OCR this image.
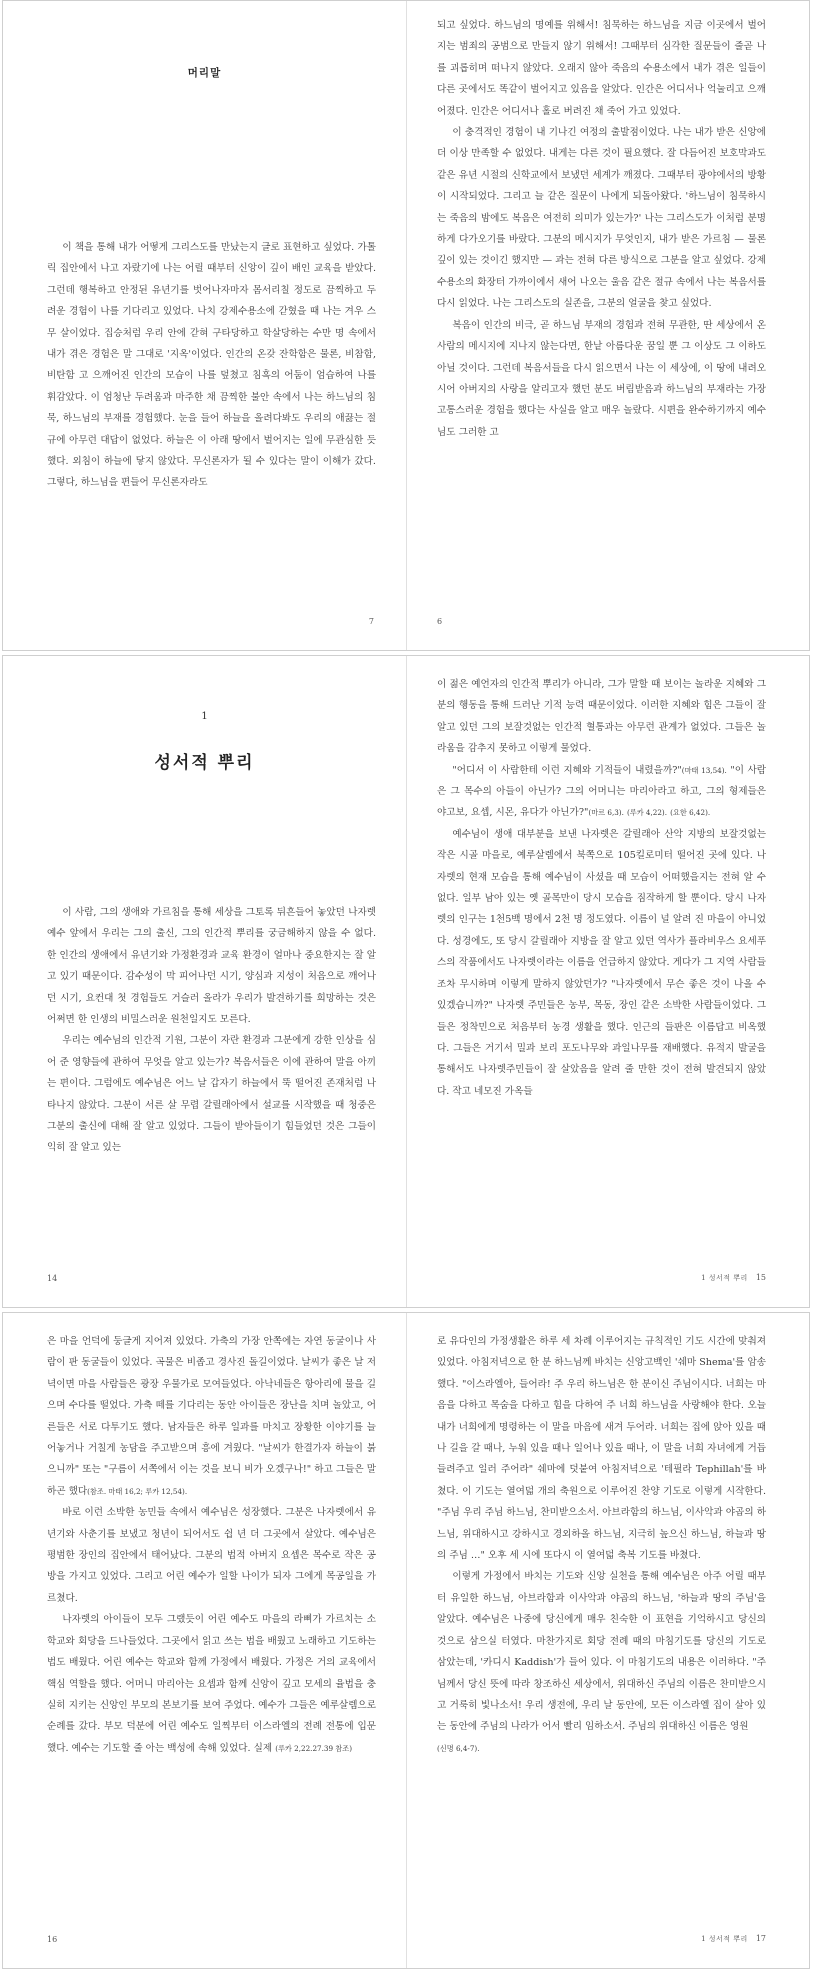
머리말

이 책을 통해 내가 어떻게 그리스도를 만났는지 글로 표현하고 싶었다. 가톨릭 집안에서 나고 자랐기에 나는 어릴 때부터 신앙이 깊이 배인 교육을 받았다. 그런데 행복하고 안정된 유년기를 벗어나자마자 몸서리칠 정도로 끔찍하고 두려운 경험이 나를 기다리고 있었다. 나치 강제수용소에 갇혔을 때 나는 겨우 스무 살이었다. 집승처럼 우리 안에 갇혀 구타당하고 학살당하는 수만 명 속에서 내가 겪은 경험은 말 그대로 '지옥'이었다. 인간의 온갖 잔학함은 물론, 비참함, 비탄함 고 으깨어진 인간의 모습이 나를 덮쳤고 침흑의 어둠이 엄습하여 나를 휘감았다. 이 엄청난 두려움과 마주한 채 끔찍한 불안 속에서 나는 하느님의 침묵, 하느님의 부재를 경험했다. 눈을 들어 하늘을 올려다봐도 우리의 애끓는 절규에 아무런 대답이 없었다. 하늘은 이 아래 땅에서 벌어지는 일에 무관심한 듯했다. 외침이 하늘에 닿지 않았다. 무신론자가 될 수 있다는 말이 이해가 갔다. 그렇다, 하느님을 편들어 무신론자라도

7

되고 싶었다. 하느님의 명예를 위해서! 침묵하는 하느님을 지금 이곳에서 벌어지는 범죄의 공범으로 만들지 않기 위해서! 그때부터 심각한 질문들이 줄곧 나를 괴롭히며 떠나지 않았다. 오래지 않아 죽음의 수용소에서 내가 겪은 일들이 다른 곳에서도 똑같이 벌어지고 있음을 알았다. 인간은 어디서나 억눌리고 으깨어졌다. 인간은 어디서나 홀로 버려진 채 죽어 가고 있었다.

이 충격적인 경험이 내 기나긴 여정의 출발점이었다. 나는 내가 받은 신앙에 더 이상 만족할 수 없었다. 내게는 다른 것이 필요했다. 잘 다듬어진 보호막과도 같은 유년 시절의 신학교에서 보냈던 세계가 깨졌다. 그때부터 광야에서의 방황이 시작되었다. 그리고 늘 같은 질문이 나에게 되돌아왔다. '하느님이 침묵하시는 죽음의 밤에도 복음은 여전히 의미가 있는가?' 나는 그리스도가 이처럼 분명하게 다가오기를 바랐다. 그분의 메시지가 무엇인지, 내가 받은 가르침 — 물론 깊이 있는 것이긴 했지만 — 과는 전혀 다른 방식으로 그분을 알고 싶었다. 강제수용소의 화장터 가까이에서 새어 나오는 울음 같은 절규 속에서 나는 복음서를 다시 읽었다. 나는 그리스도의 실존을, 그분의 얼굴을 찾고 싶었다.

복음이 인간의 비극, 곧 하느님 부재의 경험과 전혀 무관한, 딴 세상에서 온 사람의 메시지에 지나지 않는다면, 한낱 아름다운 꿈일 뿐 그 이상도 그 이하도 아닐 것이다. 그런데 복음서들을 다시 읽으면서 나는 이 세상에, 이 땅에 내려오시어 아버지의 사랑을 알리고자 했던 분도 버림받음과 하느님의 부재라는 가장 고통스러운 경험을 했다는 사실을 알고 매우 놀랐다. 시편을 완수하기까지 예수님도 그러한 고

6
1
성서적 뿌리

이 사람, 그의 생애와 가르침을 통해 세상을 그토록 뒤흔들어 놓았던 나자렛 예수 앞에서 우리는 그의 출신, 그의 인간적 뿌리를 궁금해하지 않을 수 없다. 한 인간의 생애에서 유년기와 가정환경과 교육 환경이 얼마나 중요한지는 잘 알고 있기 때문이다. 감수성이 막 피어나던 시기, 양심과 지성이 처음으로 깨어나던 시기, 요컨대 첫 경험들도 거슬러 올라가 우리가 발견하기를 희망하는 것은 어쩌면 한 인생의 비밀스러운 원천일지도 모른다.

우리는 예수님의 인간적 기원, 그분이 자란 환경과 그분에게 강한 인상을 심어 준 영향들에 관하여 무엇을 알고 있는가? 복음서들은 이에 관하여 말을 아끼는 편이다. 그럼에도 예수님은 어느 날 갑자기 하늘에서 뚝 떨어진 존재처럼 나타나지 않았다. 그분이 서른 살 무렵 갈릴래아에서 설교를 시작했을 때 청중은 그분의 출신에 대해 잘 알고 있었다. 그들이 받아들이기 힘들었던 것은 그들이 익히 잘 알고 있는

14

이 젊은 예언자의 인간적 뿌리가 아니라, 그가 말할 때 보이는 놀라운 지혜와 그분의 행동을 통해 드러난 기적 능력 때문이었다. 이러한 지혜와 힘은 그들이 잘 알고 있던 그의 보잘것없는 인간적 혈통과는 아무런 관계가 없었다. 그들은 놀라움을 감추지 못하고 이렇게 물었다.

"어디서 이 사람한테 이런 지혜와 기적들이 내렸을까?"(마태 13,54). "이 사람은 그 목수의 아들이 아닌가? 그의 어머니는 마리아라고 하고, 그의 형제들은 야고보, 요셉, 시몬, 유다가 아닌가?"(마르 6,3). (루카 4,22). (요한 6,42).

예수님이 생애 대부분을 보낸 나자렛은 갈릴래아 산악 지방의 보잘것없는 작은 시골 마을로, 예루살렘에서 북쪽으로 105킬로미터 떨어진 곳에 있다. 나자렛의 현재 모습을 통해 예수님이 사셨을 때 모습이 어떠했을지는 전혀 알 수 없다. 일부 남아 있는 옛 골목만이 당시 모습을 짐작하게 할 뿐이다. 당시 나자렛의 인구는 1천5백 명에서 2천 명 정도였다. 이름이 널 알려 진 마을이 아니었다. 성경에도, 또 당시 갈릴래아 지방을 잘 알고 있던 역사가 플라비우스 요세푸스의 작품에서도 나자렛이라는 이름을 언급하지 않았다. 게다가 그 지역 사람들조차 무시하며 이렇게 말하지 않았던가? "나자렛에서 무슨 좋은 것이 나올 수 있겠습니까?" 나자렛 주민들은 농부, 목동, 장인 같은 소박한 사람들이었다. 그들은 정착민으로 처음부터 농경 생활을 했다. 인근의 들판은 이름답고 비옥했다. 그들은 거기서 밀과 보리 포도나무와 과일나무를 재배했다. 유적지 발굴을 통해서도 나자렛주민들이 잘 살았음을 알려 줄 만한 것이 전혀 발견되지 않았다. 작고 네모진 가옥들

1 성서적 뿌리 15

은 마을 언덕에 둥글게 지어져 있었다. 가축의 가장 안쪽에는 자연 동굴이나 사람이 판 동굴들이 있었다. 곡물은 비좁고 경사진 돌길이었다. 날씨가 좋은 날 저녁이면 마을 사람들은 광장 우물가로 모여들었다. 아낙네들은 항아리에 물을 길으며 수다를 떨었다. 가축 떼를 기다리는 동안 아이들은 장난을 치며 놀았고, 어른들은 서로 다투기도 했다. 남자들은 하루 일과를 마치고 장황한 이야기를 늘어놓거나 거칠게 농담을 주고받으며 흥에 겨웠다. "날씨가 한결가자 하늘이 붉으니까" 또는 "구름이 서쪽에서 이는 것을 보니 비가 오겠구나!" 하고 그들은 말하곤 했다(참조. 마태 16,2; 루카 12,54).

바로 이런 소박한 농민들 속에서 예수님은 성장했다. 그분은 나자렛에서 유년기와 사춘기를 보냈고 청년이 되어서도 쉽 년 더 그곳에서 살았다. 예수님은 평범한 장인의 집안에서 태어났다. 그분의 법적 아버지 요셉은 목수로 작은 공방을 가지고 있었다. 그리고 어린 예수가 일할 나이가 되자 그에게 목공일을 가르쳤다.

나자렛의 아이들이 모두 그랬듯이 어린 예수도 마을의 라삐가 가르치는 소학교와 회당을 드나들었다. 그곳에서 읽고 쓰는 법을 배웠고 노래하고 기도하는 법도 배웠다. 어린 예수는 학교와 함께 가정에서 배웠다. 가정은 거의 교육에서 핵심 역할을 했다. 어머니 마리아는 요셉과 함께 신앙이 깊고 모세의 율법을 충실히 지키는 신앙인 부모의 본보기를 보여 주었다. 예수가 그들은 예루살렘으로 순례를 갔다. 부모 덕분에 어린 예수도 일찍부터 이스라엘의 전례 전통에 입문했다. 예수는 기도할 줄 아는 백성에 속해 있었다. 실제 (루카 2,22.27.39 참조)

16

로 유다인의 가정생활은 하루 세 차례 이루어지는 규칙적인 기도 시간에 맞춰져 있었다. 아침저녁으로 한 분 하느님께 바치는 신앙고백인 '쉐마 Shema'를 암송했다. "이스라엘아, 들어라! 주 우리 하느님은 한 분이신 주님이시다. 너희는 마음을 다하고 목숨을 다하고 힘을 다하여 주 너희 하느님을 사랑해야 한다. 오늘 내가 너희에게 명령하는 이 말을 마음에 새겨 두어라. 너희는 집에 앉아 있을 때나 길을 갈 때나, 누워 있을 때나 일어나 있을 때나, 이 말을 너희 자녀에게 거듭 들려주고 일러 주어라" 쉐마에 덧붙여 아침저녁으로 '테필라 Tephillah'를 바쳤다. 이 기도는 열여덟 개의 축원으로 이루어진 찬양 기도로 이렇게 시작한다. "주님 우리 주님 하느님, 찬미받으소서. 아브라함의 하느님, 이사악과 야곱의 하느님, 위대하시고 강하시고 경외하올 하느님, 지극히 높으신 하느님, 하늘과 땅의 주님 …" 오후 세 시에 또다시 이 열여덟 축복 기도를 바쳤다.

이렇게 가정에서 바치는 기도와 신앙 실천을 통해 예수님은 아주 어릴 때부터 유일한 하느님, 아브라함과 이사악과 야곱의 하느님, '하늘과 땅의 주님'을 알았다. 예수님은 나중에 당신에게 매우 친숙한 이 표현을 기억하시고 당신의 것으로 삼으실 터였다. 마찬가지로 회당 전례 때의 마침기도를 당신의 기도로 삼았는데, '카디시 Kaddish'가 들어 있다. 이 마침기도의 내용은 이러하다. "주님께서 당신 뜻에 따라 창조하신 세상에서, 위대하신 주님의 이름은 찬미받으시고 거룩히 빛나소서! 우리 생전에, 우리 날 동안에, 모든 이스라엘 집이 살아 있는 동안에 주님의 나라가 어서 빨리 임하소서. 주님의 위대하신 이름은 영원

(신명 6,4-7).

1 성서적 뿌리 17
